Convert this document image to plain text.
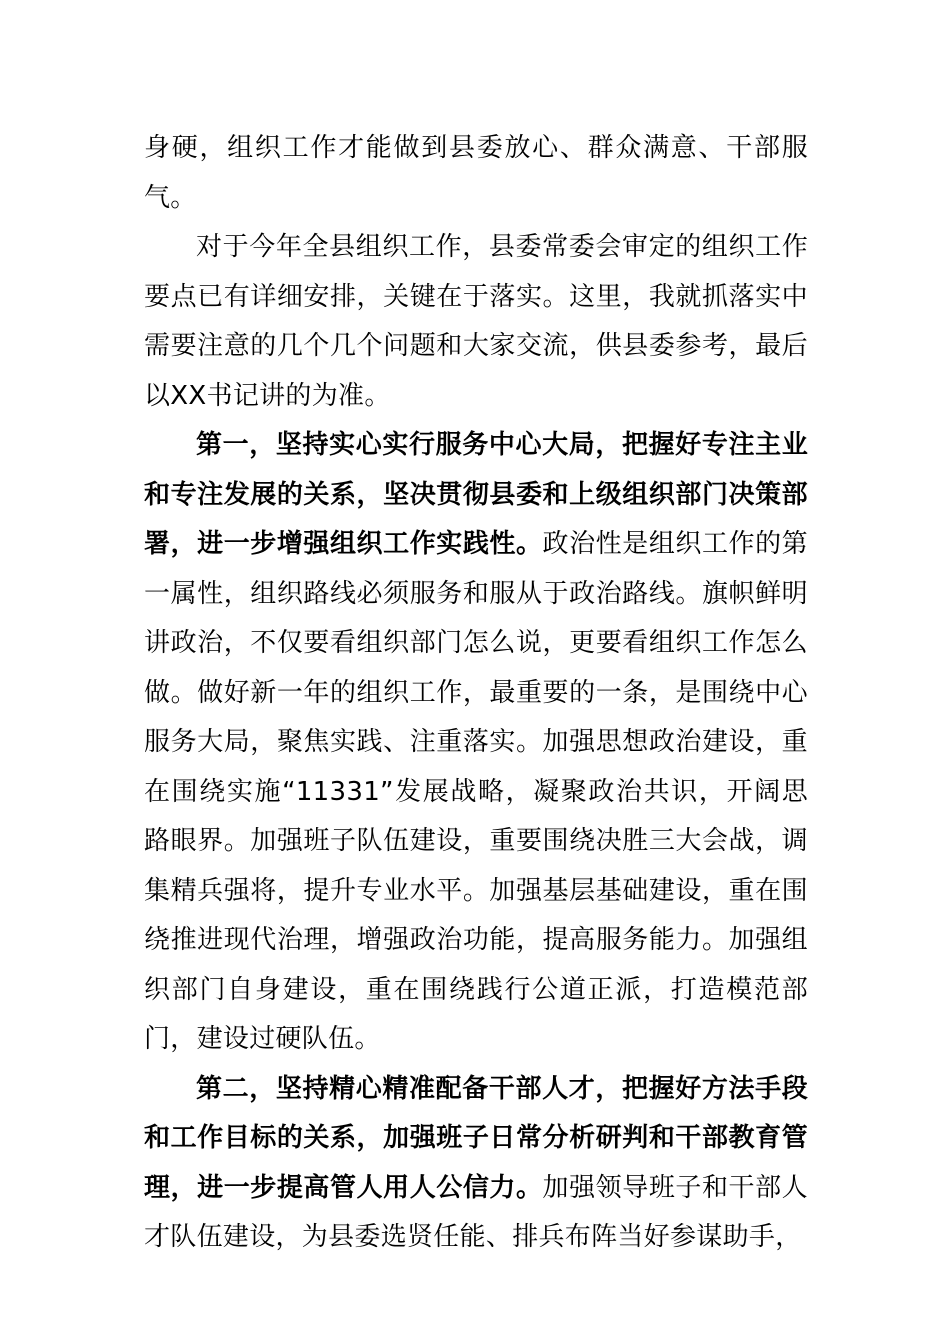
身硬，组织工作才能做到县委放心、群众满意、干部服气。

对于今年全县组织工作，县委常委会审定的组织工作要点已有详细安排，关键在于落实。这里，我就抓落实中需要注意的几个几个问题和大家交流，供县委参考，最后以XX书记讲的为准。

第一，坚持实心实行服务中心大局，把握好专注主业和专注发展的关系，坚决贯彻县委和上级组织部门决策部署，进一步增强组织工作实践性。政治性是组织工作的第一属性，组织路线必须服务和服从于政治路线。旗帜鲜明讲政治，不仅要看组织部门怎么说，更要看组织工作怎么做。做好新一年的组织工作，最重要的一条，是围绕中心服务大局，聚焦实践、注重落实。加强思想政治建设，重在围绕实施“11331”发展战略，凝聚政治共识，开阔思路眼界。加强班子队伍建设，重要围绕决胜三大会战，调集精兵强将，提升专业水平。加强基层基础建设，重在围绕推进现代治理，增强政治功能，提高服务能力。加强组织部门自身建设，重在围绕践行公道正派，打造模范部门，建设过硬队伍。

第二，坚持精心精准配备干部人才，把握好方法手段和工作目标的关系，加强班子日常分析研判和干部教育管理，进一步提高管人用人公信力。加强领导班子和干部人才队伍建设，为县委选贤任能、排兵布阵当好参谋助手，
